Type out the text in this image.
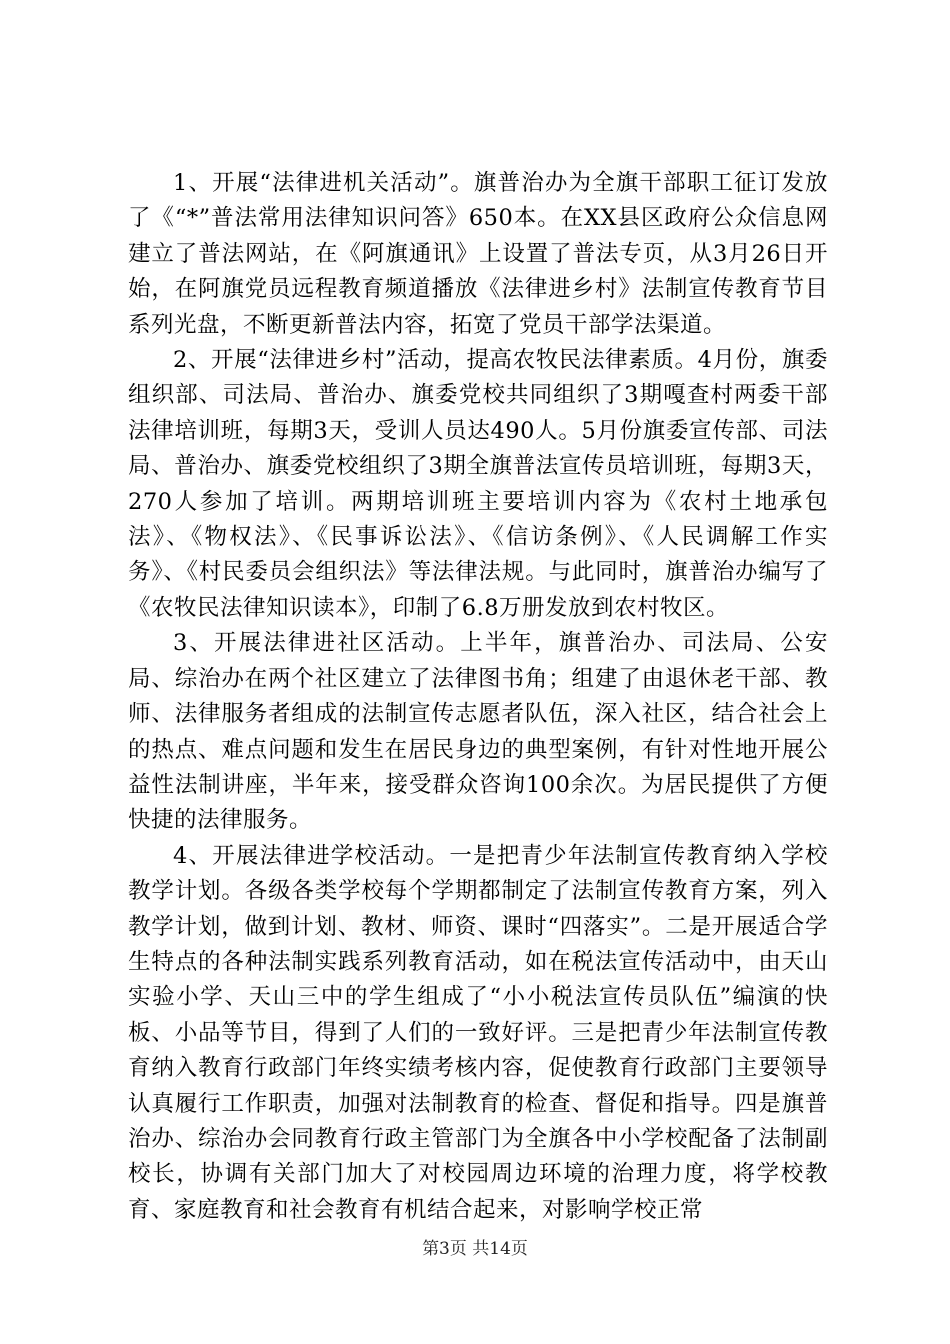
1、开展“法律进机关活动”。旗普治办为全旗干部职工征订发放了《“*”普法常用法律知识问答》650本。在XX县区政府公众信息网建立了普法网站，在《阿旗通讯》上设置了普法专页，从3月26日开始，在阿旗党员远程教育频道播放《法律进乡村》法制宣传教育节目系列光盘，不断更新普法内容，拓宽了党员干部学法渠道。

2、开展“法律进乡村”活动，提高农牧民法律素质。4月份，旗委组织部、司法局、普治办、旗委党校共同组织了3期嘎查村两委干部法律培训班，每期3天，受训人员达490人。5月份旗委宣传部、司法局、普治办、旗委党校组织了3期全旗普法宣传员培训班，每期3天，270人参加了培训。两期培训班主要培训内容为《农村土地承包法》、《物权法》、《民事诉讼法》、《信访条例》、《人民调解工作实务》、《村民委员会组织法》等法律法规。与此同时，旗普治办编写了《农牧民法律知识读本》，印制了6.8万册发放到农村牧区。

3、开展法律进社区活动。上半年，旗普治办、司法局、公安局、综治办在两个社区建立了法律图书角；组建了由退休老干部、教师、法律服务者组成的法制宣传志愿者队伍，深入社区，结合社会上的热点、难点问题和发生在居民身边的典型案例，有针对性地开展公益性法制讲座，半年来，接受群众咨询100余次。为居民提供了方便快捷的法律服务。

4、开展法律进学校活动。一是把青少年法制宣传教育纳入学校教学计划。各级各类学校每个学期都制定了法制宣传教育方案，列入教学计划，做到计划、教材、师资、课时“四落实”。二是开展适合学生特点的各种法制实践系列教育活动，如在税法宣传活动中，由天山实验小学、天山三中的学生组成了“小小税法宣传员队伍”编演的快板、小品等节目，得到了人们的一致好评。三是把青少年法制宣传教育纳入教育行政部门年终实绩考核内容，促使教育行政部门主要领导认真履行工作职责，加强对法制教育的检查、督促和指导。四是旗普治办、综治办会同教育行政主管部门为全旗各中小学校配备了法制副校长，协调有关部门加大了对校园周边环境的治理力度，将学校教育、家庭教育和社会教育有机结合起来，对影响学校正常

第3页 共14页
